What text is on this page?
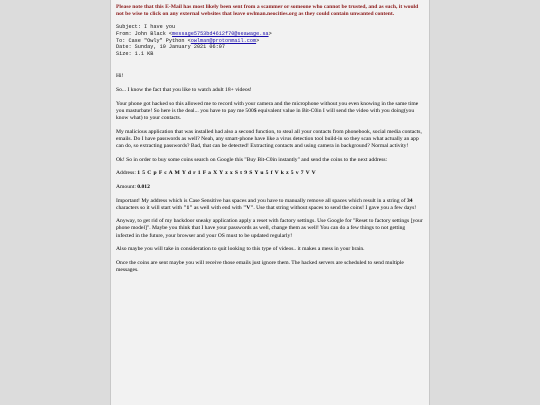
Please note that this E-Mail has most likely been sent from a scammer or someone who cannot be trusted, and as such, it would not be wise to click on any external websites that leave owlman.neocities.org as they could contain unwanted content.

Subject: I have you
From: John Black <message5753bd4612f70@seawage.sa>
To: Case "Owly" Python <owlman@protonmail.com>
Date: Sunday, 10 January 2021 06:07
Size: 1.1 KB

Hi!

So... I know the fact that you like to watch adult 18+ videos!

Your phone got hacked so this allowed me to record with your camera and the microphone without you even knowing in the same time you masturbate! So here is the deal... you have to pay me 500$ equivalent value in Bit-C0in I will send the video with you doing(you know what) to your contacts.

My malicious application that was installed had also a second function, to steal all your contacts from phonebook, social media contacts, emails. Do I have passwords as well? Neah, any smart-phone have like a virus detection tool build-in so they scan what actually an app can do, so extracting passwords? Bad, that can be detected! Extracting contacts and using camera in background? Normal activity!

Ok! So in order to buy some coins search on Google this "Buy Bit-C0in instantly" and send the coins to the next address:

Address: 1 5 C p F c A M Y d r 1 F a X Y z x S t 9 S Y u 5 f V k z 5 v 7 V V

Amount: 0.012

Important! My address which is Case Sensitive has spaces and you have to manually remove all spaces which result in a string of 34 characters so it will start with "1" as well with end with "V". Use that string without spaces to send the coins! I gave you a few days!

Anyway, to get rid of my backdoor sneaky application apply a reset with factory settings. Use Google for "Reset to factory settings [your phone model]". Maybe you think that I have your passwords as well, change them as well! You can do a few things to not getting infected in the future, your browser and your OS must to be updated regularly!

Also maybe you will take in consideration to quit looking to this type of videos.. it makes a mess in your brain.

Once the coins are sent maybe you will receive those emails just ignore them. The hacked servers are scheduled to send multiple messages.
